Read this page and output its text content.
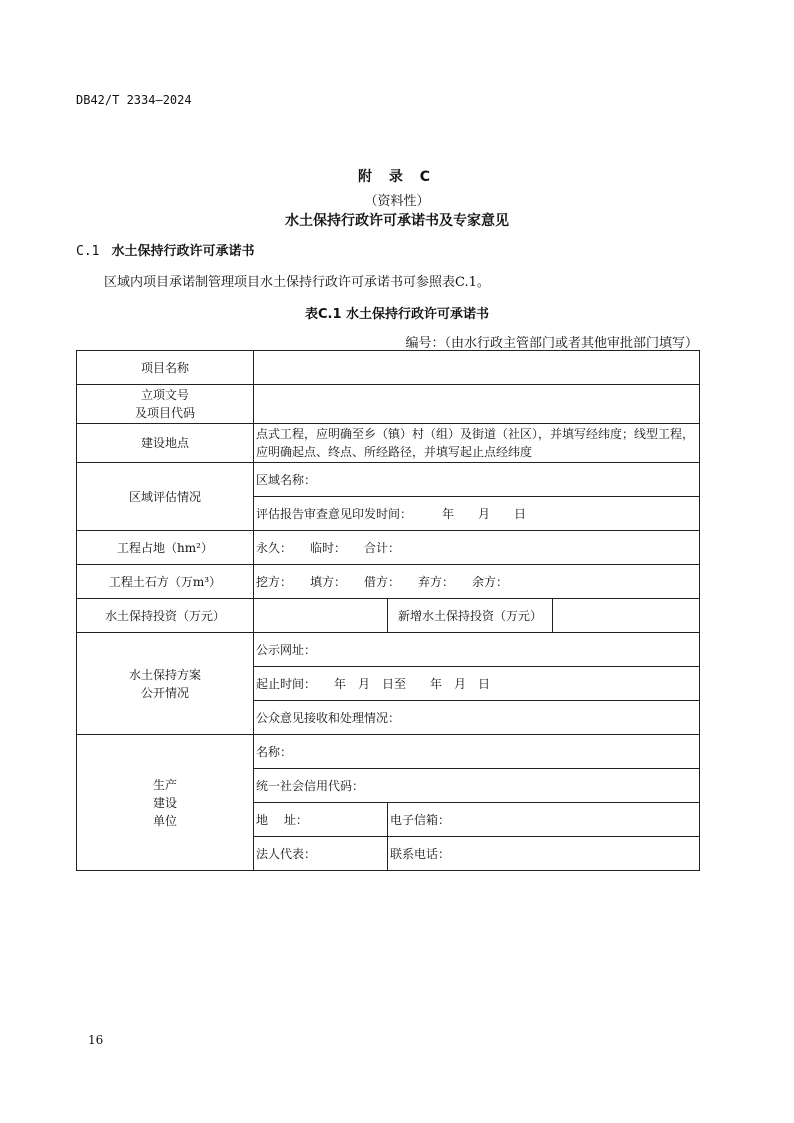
DB42/T 2334—2024
附 录 C
（资料性）
水土保持行政许可承诺书及专家意见
C.1 水土保持行政许可承诺书
区域内项目承诺制管理项目水土保持行政许可承诺书可参照表C.1。
表C.1 水土保持行政许可承诺书
编号：（由水行政主管部门或者其他审批部门填写）
项目名称			

立项文号
及项目代码			

建设地点	点式工程，应明确至乡（镇）村（组）及街道（社区），并填写经纬度；线型工程，
应明确起点、终点、所经路径，并填写起止点经纬度		

区域评估情况	区域名称：		
	评估报告审查意见印发时间：　　　年　　月　　日		
工程占地（hm²）	永久：　　临时：　　合计：		
工程土石方（万m³）	挖方：　　填方：　　借方：　　弃方：　　余方：		
水土保持投资（万元）		新增水土保持投资（万元）	

水土保持方案
公开情况	公示网址：		
	起止时间：　　年　月　日至　　年　月　日		
	公众意见接收和处理情况：		

生产
建设
单位	名称：		
	统一社会信用代码：		
	地　 址：	电子信箱：	
	法人代表：	联系电话：	
16
